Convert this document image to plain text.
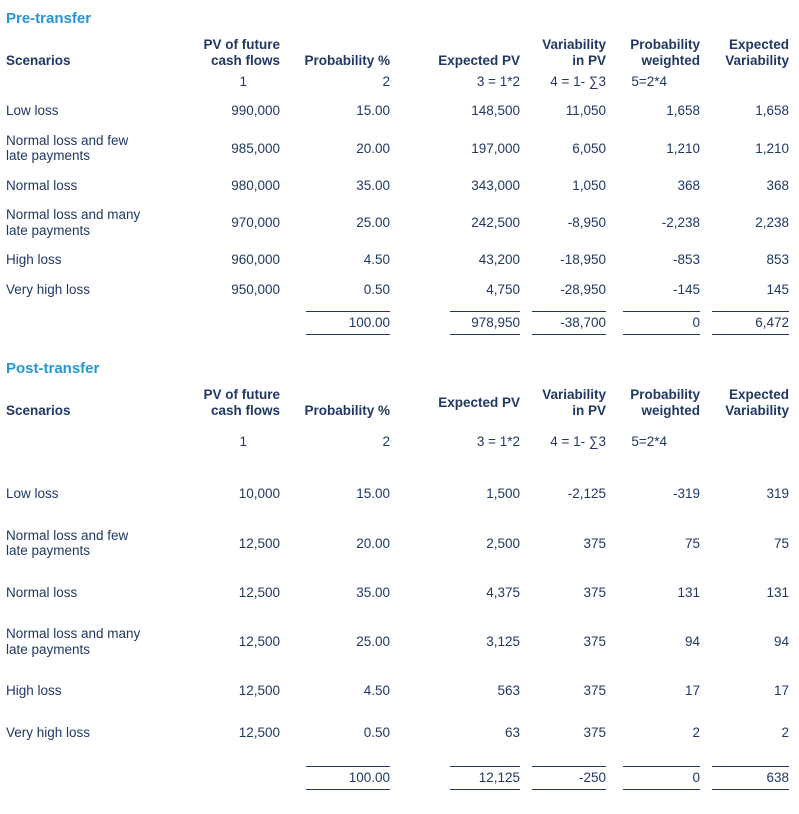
Pre-transfer
Scenarios	PV of future cash flows	Probability %	Expected PV	Variability in PV	Probability weighted	Expected Variability
	1	2	3 = 1*2	4 = 1- ∑3	5=2*4	
Low loss	990,000	15.00	148,500	11,050	1,658	1,658
Normal loss and few late payments	985,000	20.00	197,000	6,050	1,210	1,210
Normal loss	980,000	35.00	343,000	1,050	368	368
Normal loss and many late payments	970,000	25.00	242,500	-8,950	-2,238	2,238
High loss	960,000	4.50	43,200	-18,950	-853	853
Very high loss	950,000	0.50	4,750	-28,950	-145	145
		100.00	978,950	-38,700	0	6,472
Post-transfer
Scenarios	PV of future cash flows	Probability %	Expected PV	Variability in PV	Probability weighted	Expected Variability
	1	2	3 = 1*2	4 = 1- ∑3	5=2*4	
Low loss	10,000	15.00	1,500	-2,125	-319	319
Normal loss and few late payments	12,500	20.00	2,500	375	75	75
Normal loss	12,500	35.00	4,375	375	131	131
Normal loss and many late payments	12,500	25.00	3,125	375	94	94
High loss	12,500	4.50	563	375	17	17
Very high loss	12,500	0.50	63	375	2	2
		100.00	12,125	-250	0	638
